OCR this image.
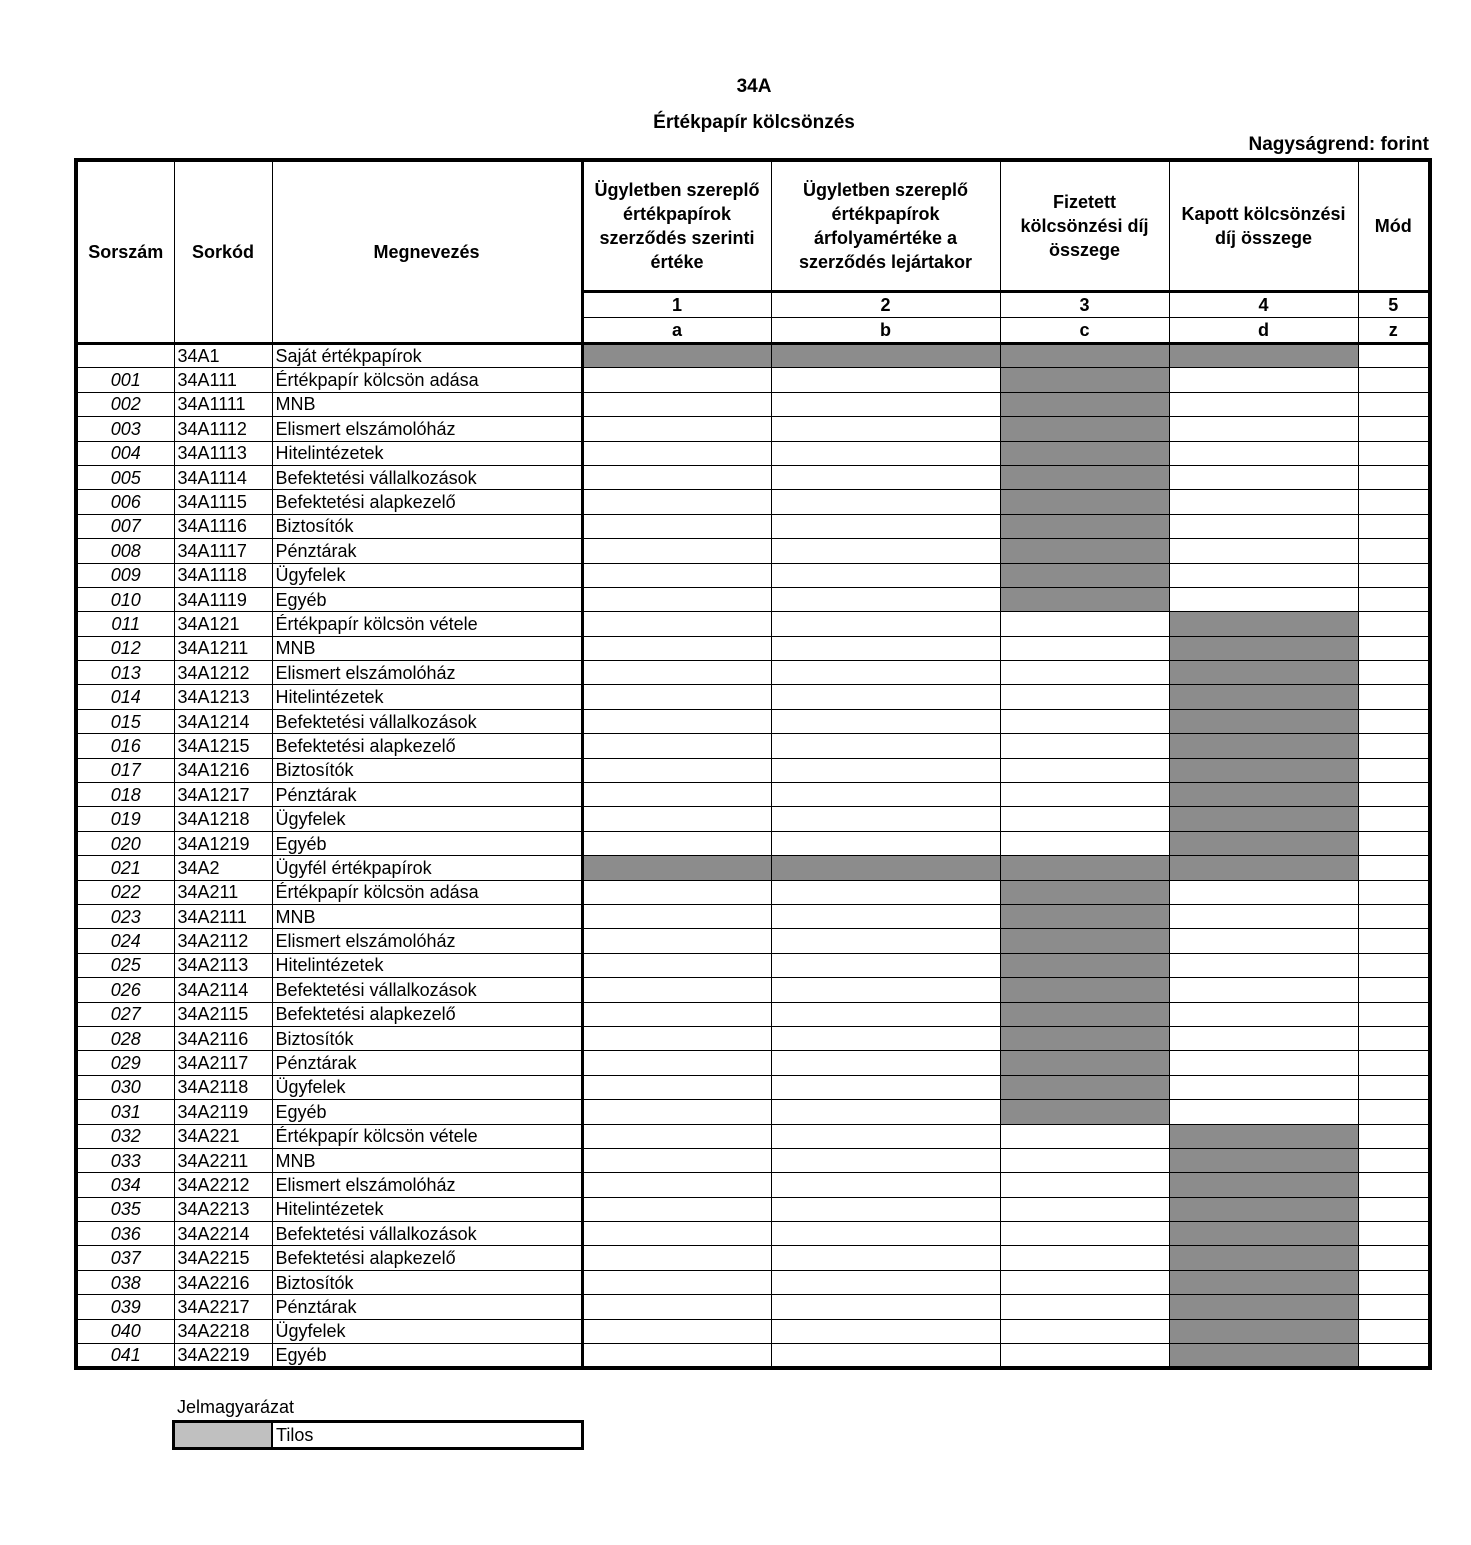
34A
Értékpapír kölcsönzés
Nagyságrend: forint
Sorszám	Sorkód	Megnevezés	Ügyletben szereplő értékpapírok szerződés szerinti értéke	Ügyletben szereplő értékpapírok árfolyamértéke a szerződés lejártakor	Fizetett kölcsönzési díj összege	Kapott kölcsönzési díj összege	Mód
			1	2	3	4	5
			a	b	c	d	z
	34A1	Saját értékpapírok					
001	34A111	Értékpapír kölcsön adása					
002	34A1111	MNB					
003	34A1112	Elismert elszámolóház					
004	34A1113	Hitelintézetek					
005	34A1114	Befektetési vállalkozások					
006	34A1115	Befektetési alapkezelő					
007	34A1116	Biztosítók					
008	34A1117	Pénztárak					
009	34A1118	Ügyfelek					
010	34A1119	Egyéb					
011	34A121	Értékpapír kölcsön vétele					
012	34A1211	MNB					
013	34A1212	Elismert elszámolóház					
014	34A1213	Hitelintézetek					
015	34A1214	Befektetési vállalkozások					
016	34A1215	Befektetési alapkezelő					
017	34A1216	Biztosítók					
018	34A1217	Pénztárak					
019	34A1218	Ügyfelek					
020	34A1219	Egyéb					
021	34A2	Ügyfél értékpapírok					
022	34A211	Értékpapír kölcsön adása					
023	34A2111	MNB					
024	34A2112	Elismert elszámolóház					
025	34A2113	Hitelintézetek					
026	34A2114	Befektetési vállalkozások					
027	34A2115	Befektetési alapkezelő					
028	34A2116	Biztosítók					
029	34A2117	Pénztárak					
030	34A2118	Ügyfelek					
031	34A2119	Egyéb					
032	34A221	Értékpapír kölcsön vétele					
033	34A2211	MNB					
034	34A2212	Elismert elszámolóház					
035	34A2213	Hitelintézetek					
036	34A2214	Befektetési vállalkozások					
037	34A2215	Befektetési alapkezelő					
038	34A2216	Biztosítók					
039	34A2217	Pénztárak					
040	34A2218	Ügyfelek					
041	34A2219	Egyéb					
Jelmagyarázat
Tilos
